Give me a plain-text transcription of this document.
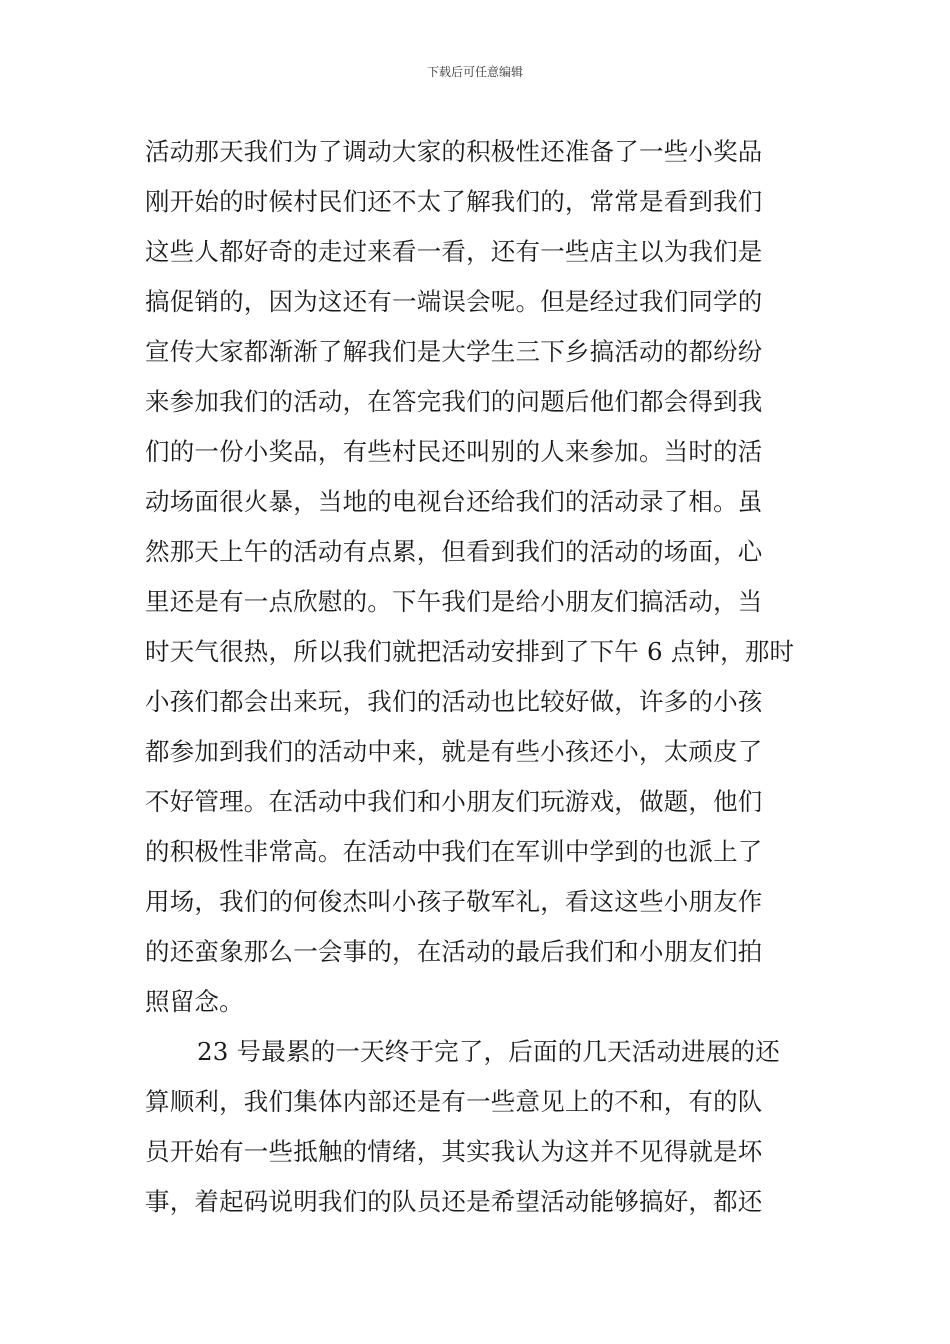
下载后可任意编辑
活动那天我们为了调动大家的积极性还准备了一些小奖品
刚开始的时候村民们还不太了解我们的，常常是看到我们
这些人都好奇的走过来看一看，还有一些店主以为我们是
搞促销的，因为这还有一端误会呢。但是经过我们同学的
宣传大家都渐渐了解我们是大学生三下乡搞活动的都纷纷
来参加我们的活动，在答完我们的问题后他们都会得到我
们的一份小奖品，有些村民还叫别的人来参加。当时的活
动场面很火暴，当地的电视台还给我们的活动录了相。虽
然那天上午的活动有点累，但看到我们的活动的场面，心
里还是有一点欣慰的。下午我们是给小朋友们搞活动，当
时天气很热，所以我们就把活动安排到了下午 6 点钟，那时
小孩们都会出来玩，我们的活动也比较好做，许多的小孩
都参加到我们的活动中来，就是有些小孩还小，太顽皮了
不好管理。在活动中我们和小朋友们玩游戏，做题，他们
的积极性非常高。在活动中我们在军训中学到的也派上了
用场，我们的何俊杰叫小孩子敬军礼，看这这些小朋友作
的还蛮象那么一会事的，在活动的最后我们和小朋友们拍
照留念。
23 号最累的一天终于完了，后面的几天活动进展的还
算顺利，我们集体内部还是有一些意见上的不和，有的队
员开始有一些抵触的情绪，其实我认为这并不见得就是坏
事，着起码说明我们的队员还是希望活动能够搞好，都还
